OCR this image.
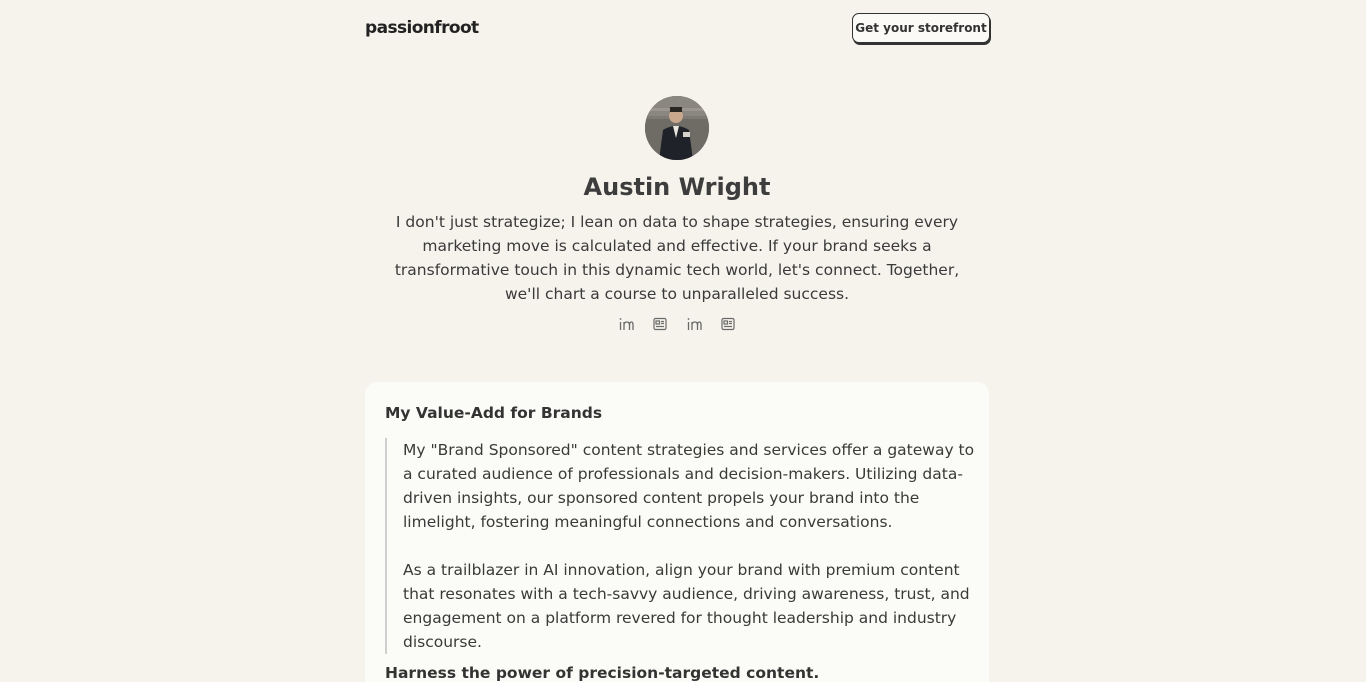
passionfroot	Get your storefront
Austin Wright
I don't just strategize; I lean on data to shape strategies, ensuring every marketing move is calculated and effective. If your brand seeks a transformative touch in this dynamic tech world, let's connect. Together, we'll chart a course to unparalleled success.
My Value-Add for Brands

My "Brand Sponsored" content strategies and services offer a gateway to a curated audience of professionals and decision-makers. Utilizing data-driven insights, our sponsored content propels your brand into the limelight, fostering meaningful connections and conversations.

As a trailblazer in AI innovation, align your brand with premium content that resonates with a tech-savvy audience, driving awareness, trust, and engagement on a platform revered for thought leadership and industry discourse.

Harness the power of precision-targeted content.
